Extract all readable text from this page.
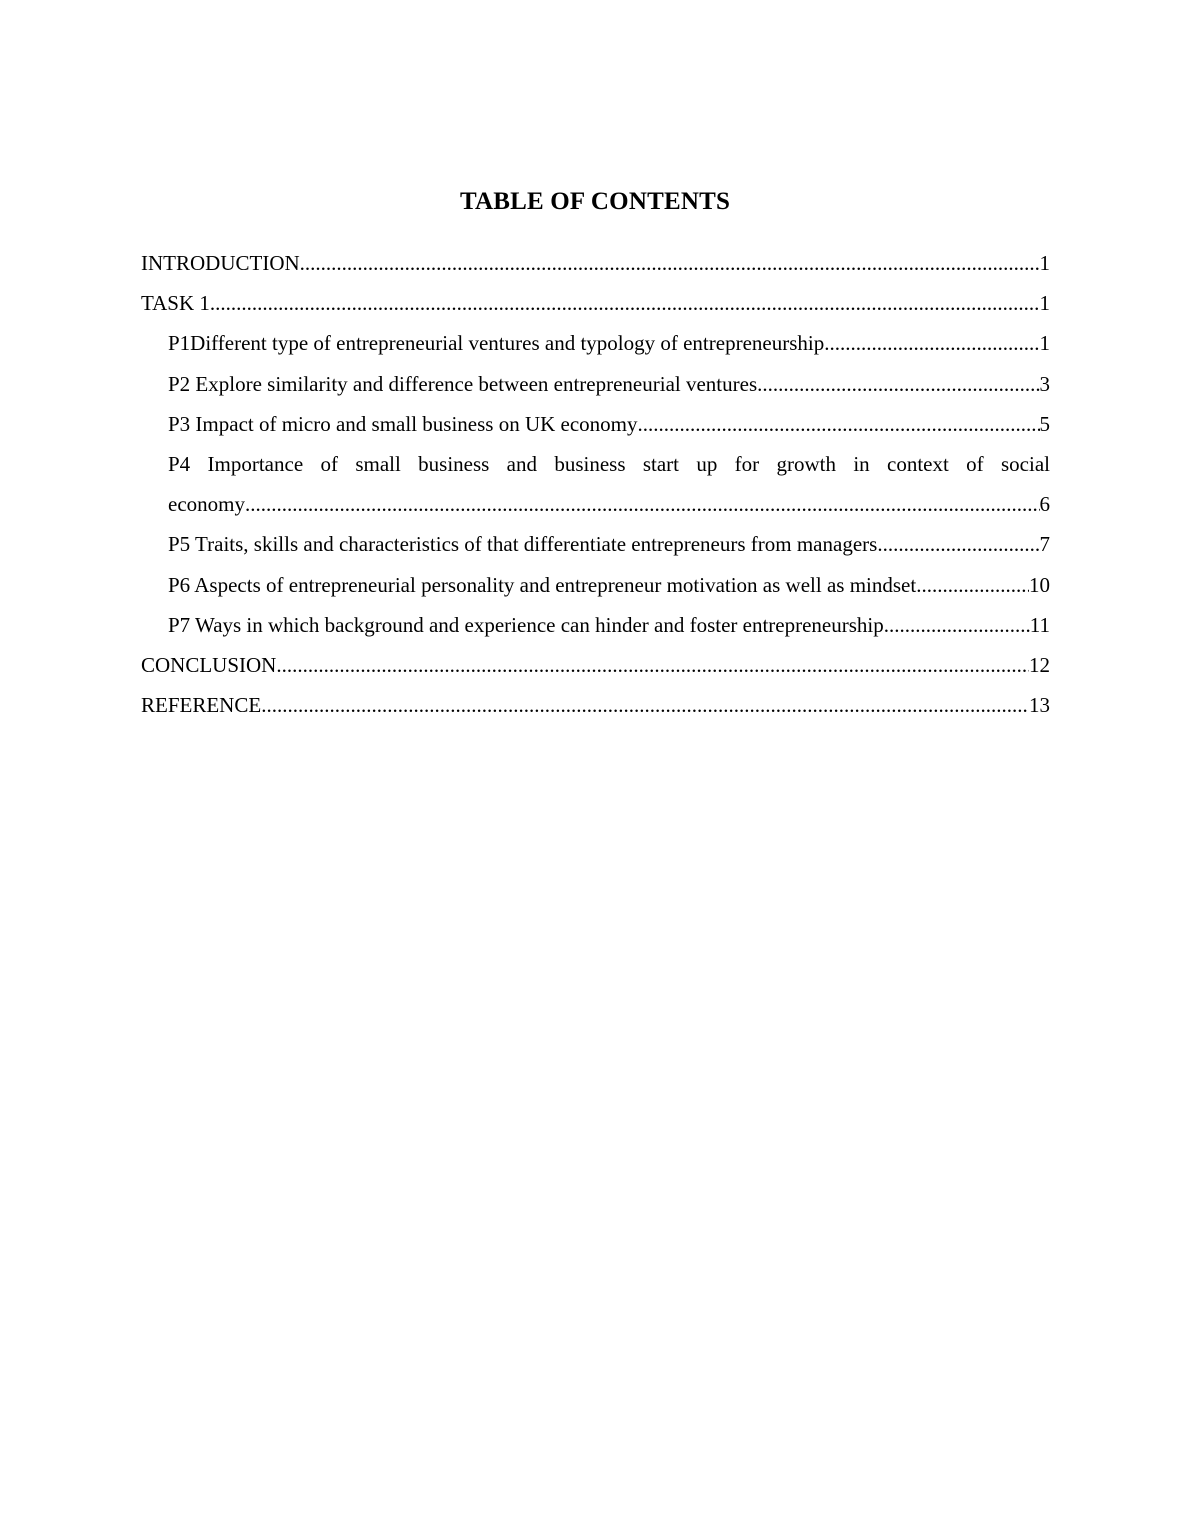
TABLE OF CONTENTS
INTRODUCTION .....	1
TASK 1 .....	1
P1Different type of entrepreneurial ventures and typology of entrepreneurship .....	1
P2 Explore similarity and difference between entrepreneurial ventures .....	3
P3 Impact of micro and small business on UK economy .....	5
P4 Importance of small business and business start up for growth in context of social
economy .....	6
P5 Traits, skills and characteristics of that differentiate entrepreneurs from managers .....	7
P6 Aspects of entrepreneurial personality and entrepreneur motivation as well as mindset .....	10
P7 Ways in which background and experience can hinder and foster entrepreneurship .....	11
CONCLUSION .....	12
REFERENCE .....	13
